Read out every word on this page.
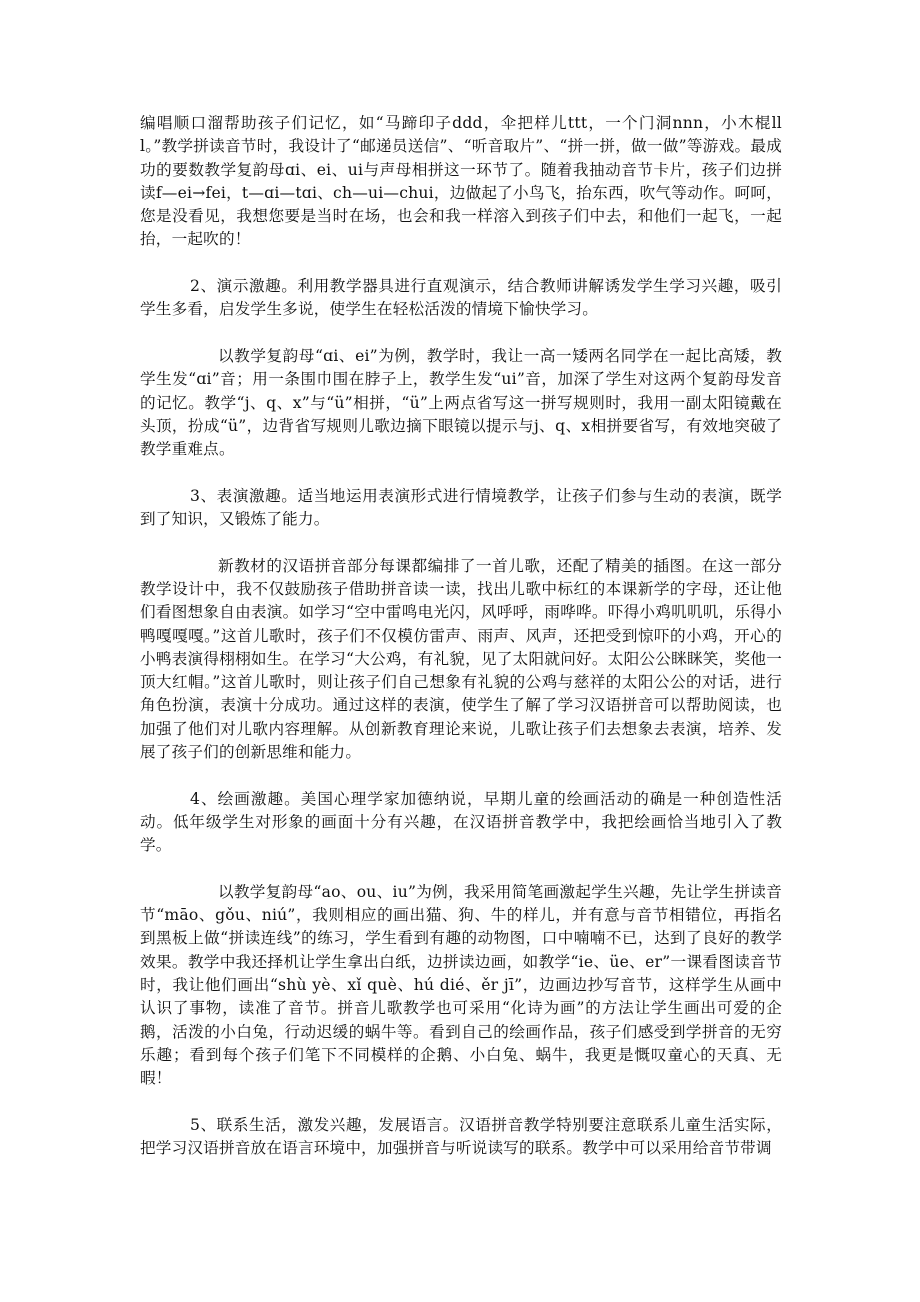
编唱顺口溜帮助孩子们记忆，如“马蹄印子ddd，伞把样儿ttt，一个门洞nnn，小木棍ll l。”教学拼读音节时，我设计了“邮递员送信”、“听音取片”、“拼一拼，做一做”等游戏。最成功的要数教学复韵母ɑi、ei、ui与声母相拼这一环节了。随着我抽动音节卡片，孩子们边拼读f—ei→fei，t—ɑi—tɑi、ch—ui—chui，边做起了小鸟飞，抬东西，吹气等动作。呵呵，您是没看见，我想您要是当时在场，也会和我一样溶入到孩子们中去，和他们一起飞，一起抬，一起吹的！

2、演示激趣。利用教学器具进行直观演示，结合教师讲解诱发学生学习兴趣，吸引学生多看，启发学生多说，使学生在轻松活泼的情境下愉快学习。

以教学复韵母“ɑi、ei”为例，教学时，我让一高一矮两名同学在一起比高矮，教学生发“ɑi”音；用一条围巾围在脖子上，教学生发“ui”音，加深了学生对这两个复韵母发音的记忆。教学“j、q、x”与“ü”相拼，“ü”上两点省写这一拼写规则时，我用一副太阳镜戴在头顶，扮成“ü”，边背省写规则儿歌边摘下眼镜以提示与j、q、x相拼要省写，有效地突破了教学重难点。

3、表演激趣。适当地运用表演形式进行情境教学，让孩子们参与生动的表演，既学到了知识，又锻炼了能力。

新教材的汉语拼音部分每课都编排了一首儿歌，还配了精美的插图。在这一部分教学设计中，我不仅鼓励孩子借助拼音读一读，找出儿歌中标红的本课新学的字母，还让他们看图想象自由表演。如学习“空中雷鸣电光闪，风呼呼，雨哗哗。吓得小鸡叽叽叽，乐得小鸭嘎嘎嘎。”这首儿歌时，孩子们不仅模仿雷声、雨声、风声，还把受到惊吓的小鸡，开心的小鸭表演得栩栩如生。在学习“大公鸡，有礼貌，见了太阳就问好。太阳公公眯眯笑，奖他一顶大红帽。”这首儿歌时，则让孩子们自己想象有礼貌的公鸡与慈祥的太阳公公的对话，进行角色扮演，表演十分成功。通过这样的表演，使学生了解了学习汉语拼音可以帮助阅读，也加强了他们对儿歌内容理解。从创新教育理论来说，儿歌让孩子们去想象去表演，培养、发展了孩子们的创新思维和能力。

4、绘画激趣。美国心理学家加德纳说，早期儿童的绘画活动的确是一种创造性活动。低年级学生对形象的画面十分有兴趣，在汉语拼音教学中，我把绘画恰当地引入了教学。

以教学复韵母“ao、ou、iu”为例，我采用简笔画激起学生兴趣，先让学生拼读音节“māo、gǒu、niú”，我则相应的画出猫、狗、牛的样儿，并有意与音节相错位，再指名到黑板上做“拼读连线”的练习，学生看到有趣的动物图，口中喃喃不已，达到了良好的教学效果。教学中我还择机让学生拿出白纸，边拼读边画，如教学“ie、üe、er”一课看图读音节时，我让他们画出“shù yè、xǐ què、hú dié、ěr jī”，边画边抄写音节，这样学生从画中认识了事物，读准了音节。拼音儿歌教学也可采用“化诗为画”的方法让学生画出可爱的企鹅，活泼的小白兔，行动迟缓的蜗牛等。看到自己的绘画作品，孩子们感受到学拼音的无穷乐趣；看到每个孩子们笔下不同模样的企鹅、小白兔、蜗牛，我更是慨叹童心的天真、无暇！

5、联系生活，激发兴趣，发展语言。汉语拼音教学特别要注意联系儿童生活实际，把学习汉语拼音放在语言环境中，加强拼音与听说读写的联系。教学中可以采用给音节带调
